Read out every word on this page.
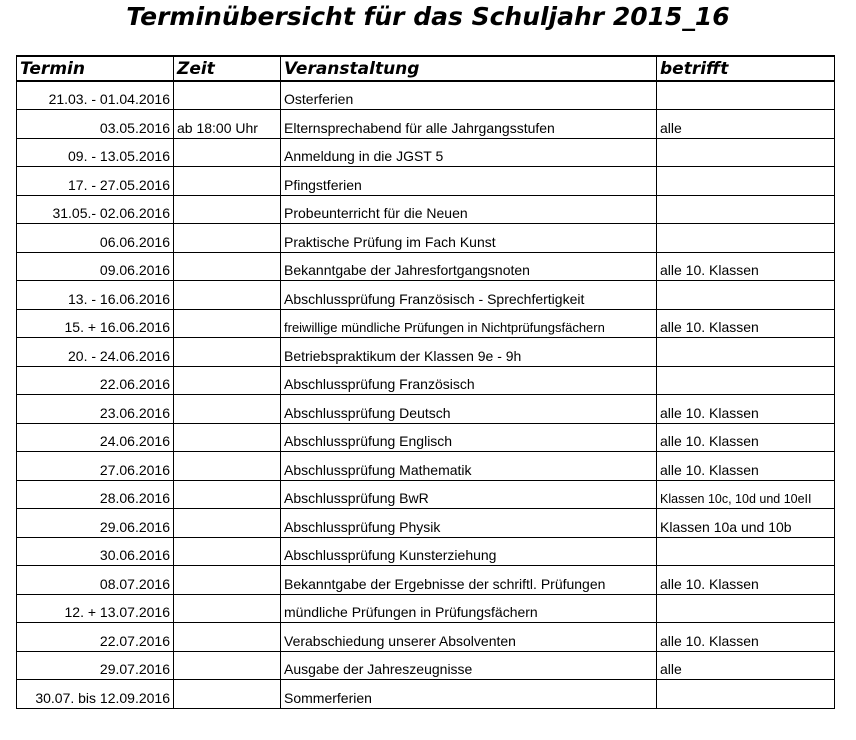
Terminübersicht für das Schuljahr 2015_16
Termin	Zeit	Veranstaltung	betrifft
21.03. - 01.04.2016		Osterferien	
03.05.2016	ab 18:00 Uhr	Elternsprechabend für alle Jahrgangsstufen	alle
09. - 13.05.2016		Anmeldung in die JGST 5	
17. - 27.05.2016		Pfingstferien	
31.05.- 02.06.2016		Probeunterricht für die Neuen	
06.06.2016		Praktische Prüfung im Fach Kunst	
09.06.2016		Bekanntgabe der Jahresfortgangsnoten	alle 10. Klassen
13. - 16.06.2016		Abschlussprüfung Französisch - Sprechfertigkeit	
15. + 16.06.2016		freiwillige mündliche Prüfungen in Nichtprüfungsfächern	alle 10. Klassen
20. - 24.06.2016		Betriebspraktikum der Klassen 9e - 9h	
22.06.2016		Abschlussprüfung Französisch	
23.06.2016		Abschlussprüfung Deutsch	alle 10. Klassen
24.06.2016		Abschlussprüfung Englisch	alle 10. Klassen
27.06.2016		Abschlussprüfung Mathematik	alle 10. Klassen
28.06.2016		Abschlussprüfung BwR	Klassen 10c, 10d und 10eII
29.06.2016		Abschlussprüfung Physik	Klassen 10a und 10b
30.06.2016		Abschlussprüfung Kunsterziehung	
08.07.2016		Bekanntgabe der Ergebnisse der schriftl. Prüfungen	alle 10. Klassen
12. + 13.07.2016		mündliche Prüfungen in Prüfungsfächern	
22.07.2016		Verabschiedung unserer Absolventen	alle 10. Klassen
29.07.2016		Ausgabe der Jahreszeugnisse	alle
30.07. bis 12.09.2016		Sommerferien	
